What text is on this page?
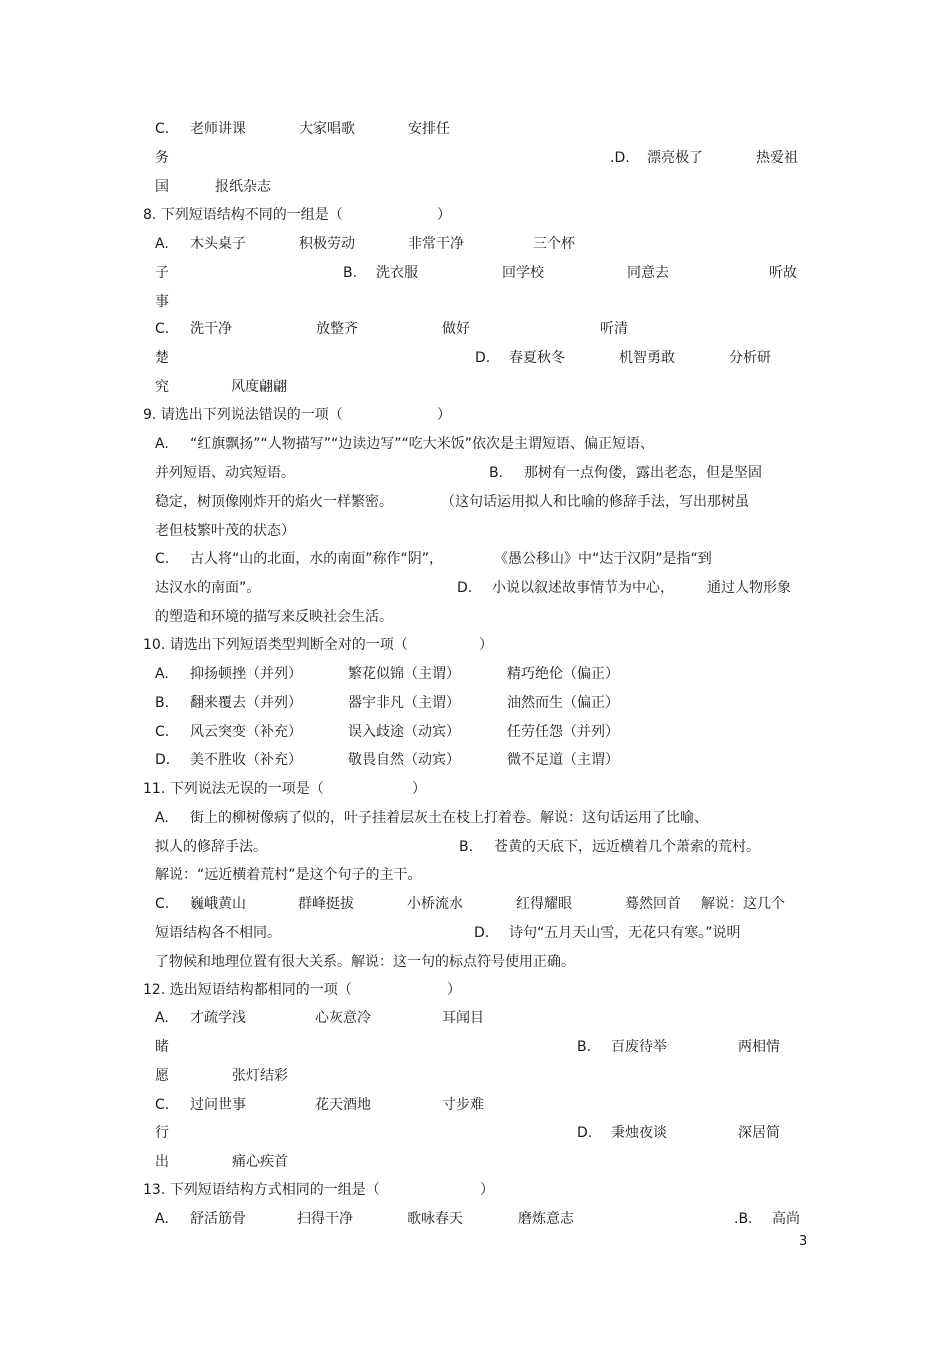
C. 老师讲课	大家唱歌	安排任
务	.D. 漂亮极了	热爱祖
国	报纸杂志
8. 下列短语结构不同的一组是（	）
A. 木头桌子	积极劳动	非常干净	三个杯
子	B. 洗衣服	回学校	同意去	听故
事
C. 洗干净	放整齐	做好	听清
楚	D. 春夏秋冬	机智勇敢	分析研
究	风度翩翩
9. 请选出下列说法错误的一项（	）
A. “红旗飘扬”“人物描写”“边读边写”“吃大米饭”依次是主谓短语、偏正短语、
并列短语、动宾短语。	B. 那树有一点佝偻，露出老态，但是坚固
稳定，树顶像刚炸开的焰火一样繁密。	（这句话运用拟人和比喻的修辞手法，写出那树虽
老但枝繁叶茂的状态）
C. 古人将“山的北面，水的南面”称作“阴”，	《愚公移山》中“达于汉阴”是指“到
达汉水的南面”。	D. 小说以叙述故事情节为中心， 通过人物形象
的塑造和环境的描写来反映社会生活。
10. 请选出下列短语类型判断全对的一项（	）
A. 抑扬顿挫（并列）	繁花似锦（主谓）	精巧绝伦（偏正）
B. 翻来覆去（并列）	器宇非凡（主谓）	油然而生（偏正）
C. 风云突变（补充）	误入歧途（动宾）	任劳任怨（并列）
D. 美不胜收（补充）	敬畏自然（动宾）	微不足道（主谓）
11. 下列说法无误的一项是（	）
A. 街上的柳树像病了似的，叶子挂着层灰土在枝上打着卷。解说：这句话运用了比喻、
拟人的修辞手法。	B. 苍黄的天底下，远近横着几个萧索的荒村。
解说：“远近横着荒村”是这个句子的主干。
C. 巍峨黄山	群峰挺拔	小桥流水	红得耀眼	蓦然回首 解说：这几个
短语结构各不相同。	D. 诗句“五月天山雪，无花只有寒。”说明
了物候和地理位置有很大关系。解说：这一句的标点符号使用正确。
12. 选出短语结构都相同的一项（	）
A. 才疏学浅	心灰意冷	耳闻目
睹	B. 百废待举	两相情
愿	张灯结彩
C. 过问世事	花天酒地	寸步难
行	D. 秉烛夜谈	深居简
出	痛心疾首
13. 下列短语结构方式相同的一组是（	）
A. 舒活筋骨	扫得干净	歌咏春天	磨炼意志	.B. 高尚
3
